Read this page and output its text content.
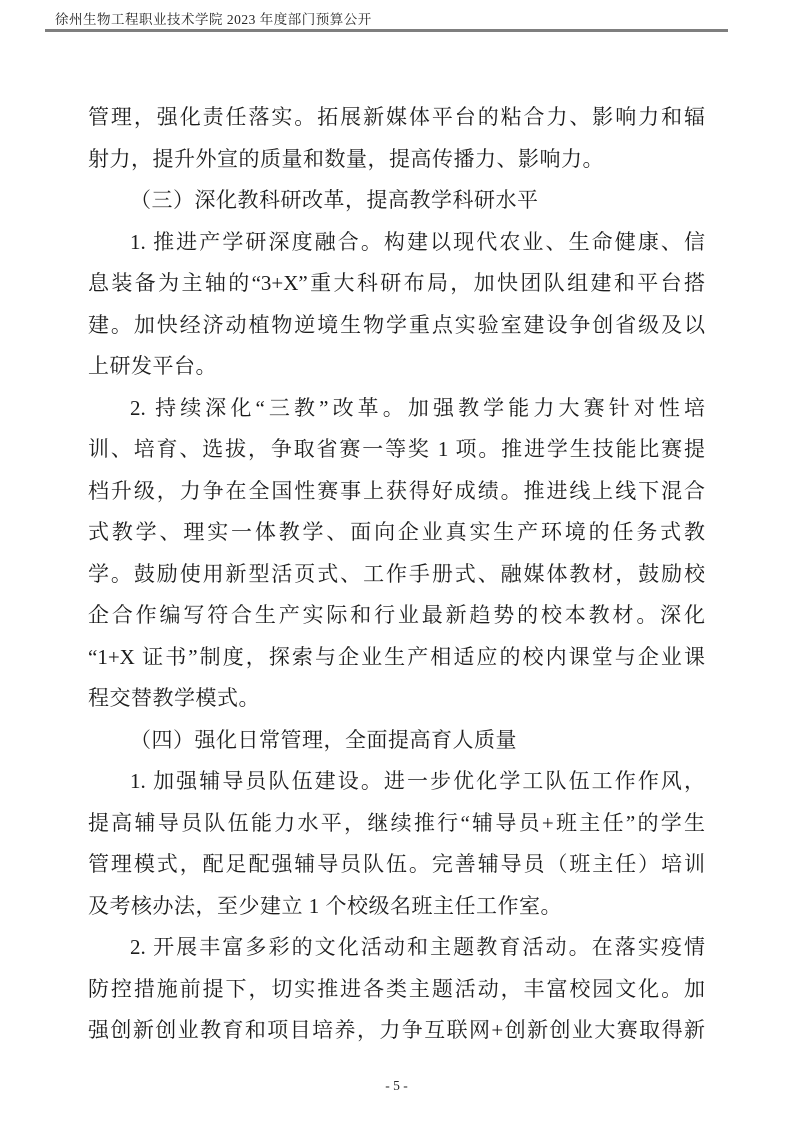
徐州生物工程职业技术学院 2023 年度部门预算公开
管理，强化责任落实。拓展新媒体平台的粘合力、影响力和辐
射力，提升外宣的质量和数量，提高传播力、影响力。
（三）深化教科研改革，提高教学科研水平
1. 推进产学研深度融合。构建以现代农业、生命健康、信
息装备为主轴的“3+X”重大科研布局，加快团队组建和平台搭
建。加快经济动植物逆境生物学重点实验室建设争创省级及以
上研发平台。
2. 持续深化“三教”改革。加强教学能力大赛针对性培
训、培育、选拔，争取省赛一等奖 1 项。推进学生技能比赛提
档升级，力争在全国性赛事上获得好成绩。推进线上线下混合
式教学、理实一体教学、面向企业真实生产环境的任务式教
学。鼓励使用新型活页式、工作手册式、融媒体教材，鼓励校
企合作编写符合生产实际和行业最新趋势的校本教材。深化
“1+X 证书”制度，探索与企业生产相适应的校内课堂与企业课
程交替教学模式。
（四）强化日常管理，全面提高育人质量
1. 加强辅导员队伍建设。进一步优化学工队伍工作作风，
提高辅导员队伍能力水平，继续推行“辅导员+班主任”的学生
管理模式，配足配强辅导员队伍。完善辅导员（班主任）培训
及考核办法，至少建立 1 个校级名班主任工作室。
2. 开展丰富多彩的文化活动和主题教育活动。在落实疫情
防控措施前提下，切实推进各类主题活动，丰富校园文化。加
强创新创业教育和项目培养，力争互联网+创新创业大赛取得新
- 5 -
